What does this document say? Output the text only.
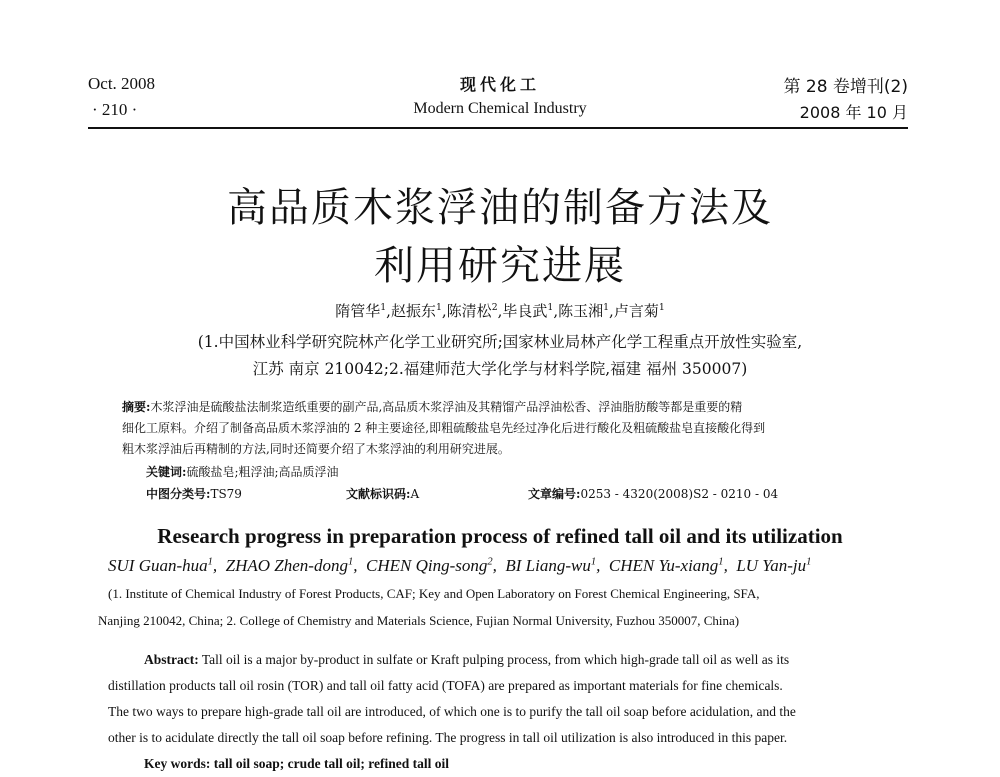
Oct. 2008
· 210 ·
现代化工
Modern Chemical Industry
第 28 卷增刊(2)
2008 年 10 月
高品质木浆浮油的制备方法及
利用研究进展
隋管华$^1$,赵振东$^1$,陈清松$^2$,毕良武$^1$,陈玉湘$^1$,卢言菊$^1$
(1.中国林业科学研究院林产化学工业研究所;国家林业局林产化学工程重点开放性实验室,
江苏 南京 210042;2.福建师范大学化学与材料学院,福建 福州 350007)
摘要:木浆浮油是硫酸盐法制浆造纸重要的副产品,高品质木浆浮油及其精馏产品浮油松香、浮油脂肪酸等都是重要的精
细化工原料。介绍了制备高品质木浆浮油的 2 种主要途径,即粗硫酸盐皂先经过净化后进行酸化及粗硫酸盐皂直接酸化得到
粗木浆浮油后再精制的方法,同时还简要介绍了木浆浮油的利用研究进展。
关键词:硫酸盐皂;粗浮油;高品质浮油
中图分类号:TS79	文献标识码:A	文章编号:0253 - 4320(2008)S2 - 0210 - 04
Research progress in preparation process of refined tall oil and its utilization
SUI Guan-hua$^1$,  ZHAO Zhen-dong$^1$,  CHEN Qing-song$^2$,  BI Liang-$wu^1$,  CHEN Yu-xiang$^1$,  LU Yan-$ju^1$
(1. Institute of Chemical Industry of Forest Products, CAF; Key and Open Laboratory on Forest Chemical Engineering, SFA,
Nanjing 210042, China; 2. College of Chemistry and Materials Science, Fujian Normal University, Fuzhou 350007, China)
Abstract: Tall oil is a major by-product in sulfate or Kraft pulping process, from which high-grade tall oil as well as its
distillation products tall oil rosin (TOR) and tall oil fatty acid (TOFA) are prepared as important materials for fine chemicals.
The two ways to prepare high-grade tall oil are introduced, of which one is to purify the tall oil soap before acidulation, and the
other is to acidulate directly the tall oil soap before refining. The progress in tall oil utilization is also introduced in this paper.
Key words: tall oil soap; crude tall oil; refined tall oil
